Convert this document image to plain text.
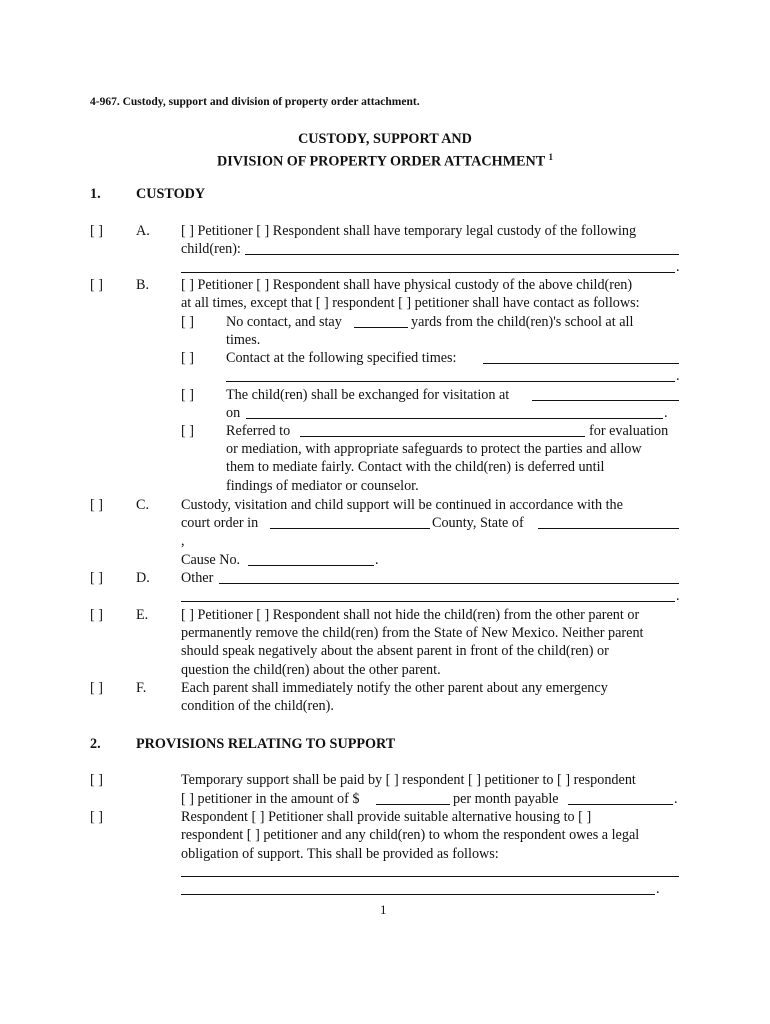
4-967. Custody, support and division of property order attachment.
CUSTODY, SUPPORT AND
DIVISION OF PROPERTY ORDER ATTACHMENT $^1$
1. CUSTODY
[ ] A. [ ] Petitioner [ ] Respondent shall have temporary legal custody of the following
child(ren):
.
[ ] B. [ ] Petitioner [ ] Respondent shall have physical custody of the above child(ren)
at all times, except that [ ] respondent [ ] petitioner shall have contact as follows:
[ ] No contact, and stay	yards from the child(ren)'s school at all
times.
[ ] Contact at the following specified times:
.
[ ] The child(ren) shall be exchanged for visitation at
on	.
[ ] Referred to	for evaluation
or mediation, with appropriate safeguards to protect the parties and allow
them to mediate fairly. Contact with the child(ren) is deferred until
findings of mediator or counselor.
[ ] C. Custody, visitation and child support will be continued in accordance with the
court order in	County, State of
,
Cause No.	.
[ ] D. Other
.
[ ] E. [ ] Petitioner [ ] Respondent shall not hide the child(ren) from the other parent or
permanently remove the child(ren) from the State of New Mexico. Neither parent
should speak negatively about the absent parent in front of the child(ren) or
question the child(ren) about the other parent.
[ ] F. Each parent shall immediately notify the other parent about any emergency
condition of the child(ren).
2. PROVISIONS RELATING TO SUPPORT
[ ]	Temporary support shall be paid by [ ] respondent [ ] petitioner to [ ] respondent
[ ] petitioner in the amount of $	per month payable	.
[ ]	Respondent [ ] Petitioner shall provide suitable alternative housing to [ ]
respondent [ ] petitioner and any child(ren) to whom the respondent owes a legal
obligation of support. This shall be provided as follows:
.
1
